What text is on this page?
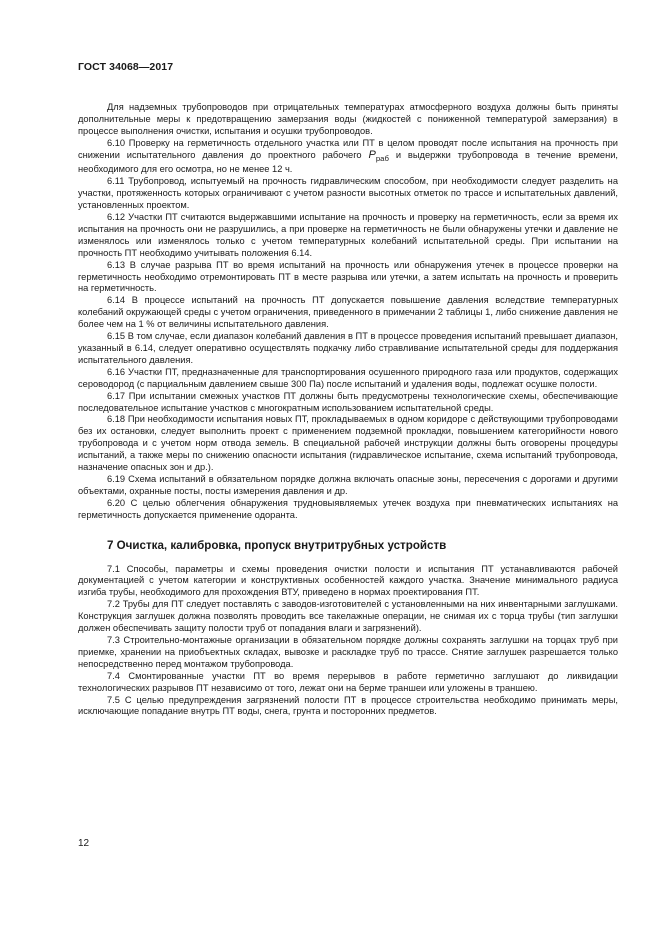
ГОСТ 34068—2017

Для надземных трубопроводов при отрицательных температурах атмосферного воздуха должны быть приняты дополнительные меры к предотвращению замерзания воды (жидкостей с пониженной температурой замерзания) в процессе выполнения очистки, испытания и осушки трубопроводов.

6.10 Проверку на герметичность отдельного участка или ПТ в целом проводят после испытания на прочность при снижении испытательного давления до проектного рабочего $P_{раб}$ и выдержки трубопровода в течение времени, необходимого для его осмотра, но не менее 12 ч.

6.11 Трубопровод, испытуемый на прочность гидравлическим способом, при необходимости следует разделить на участки, протяженность которых ограничивают с учетом разности высотных отметок по трассе и испытательных давлений, установленных проектом.

6.12 Участки ПТ считаются выдержавшими испытание на прочность и проверку на герметичность, если за время их испытания на прочность они не разрушились, а при проверке на герметичность не были обнаружены утечки и давление не изменялось или изменялось только с учетом температурных колебаний испытательной среды. При испытании на прочность ПТ необходимо учитывать положения 6.14.

6.13 В случае разрыва ПТ во время испытаний на прочность или обнаружения утечек в процессе проверки на герметичность необходимо отремонтировать ПТ в месте разрыва или утечки, а затем испытать на прочность и проверить на герметичность.

6.14 В процессе испытаний на прочность ПТ допускается повышение давления вследствие температурных колебаний окружающей среды с учетом ограничения, приведенного в примечании 2 таблицы 1, либо снижение давления не более чем на 1 % от величины испытательного давления.

6.15 В том случае, если диапазон колебаний давления в ПТ в процессе проведения испытаний превышает диапазон, указанный в 6.14, следует оперативно осуществлять подкачку либо стравливание испытательной среды для поддержания испытательного давления.

6.16 Участки ПТ, предназначенные для транспортирования осушенного природного газа или продуктов, содержащих сероводород (с парциальным давлением свыше 300 Па) после испытаний и удаления воды, подлежат осушке полости.

6.17 При испытании смежных участков ПТ должны быть предусмотрены технологические схемы, обеспечивающие последовательное испытание участков с многократным использованием испытательной среды.

6.18 При необходимости испытания новых ПТ, прокладываемых в одном коридоре с действующими трубопроводами без их остановки, следует выполнить проект с применением подземной прокладки, повышением категорийности нового трубопровода и с учетом норм отвода земель. В специальной рабочей инструкции должны быть оговорены процедуры испытаний, а также меры по снижению опасности испытания (гидравлическое испытание, схема испытаний трубопровода, назначение опасных зон и др.).

6.19 Схема испытаний в обязательном порядке должна включать опасные зоны, пересечения с дорогами и другими объектами, охранные посты, посты измерения давления и др.

6.20 С целью облегчения обнаружения трудновыявляемых утечек воздуха при пневматических испытаниях на герметичность допускается применение одоранта.

7 Очистка, калибровка, пропуск внутритрубных устройств

7.1 Способы, параметры и схемы проведения очистки полости и испытания ПТ устанавливаются рабочей документацией с учетом категории и конструктивных особенностей каждого участка. Значение минимального радиуса изгиба трубы, необходимого для прохождения ВТУ, приведено в нормах проектирования ПТ.

7.2 Трубы для ПТ следует поставлять с заводов-изготовителей с установленными на них инвентарными заглушками. Конструкция заглушек должна позволять проводить все такелажные операции, не снимая их с торца трубы (тип заглушки должен обеспечивать защиту полости труб от попадания влаги и загрязнений).

7.3 Строительно-монтажные организации в обязательном порядке должны сохранять заглушки на торцах труб при приемке, хранении на приобъектных складах, вывозке и раскладке труб по трассе. Снятие заглушек разрешается только непосредственно перед монтажом трубопровода.

7.4 Смонтированные участки ПТ во время перерывов в работе герметично заглушают до ликвидации технологических разрывов ПТ независимо от того, лежат они на берме траншеи или уложены в траншею.

7.5 С целью предупреждения загрязнений полости ПТ в процессе строительства необходимо принимать меры, исключающие попадание внутрь ПТ воды, снега, грунта и посторонних предметов.

12
